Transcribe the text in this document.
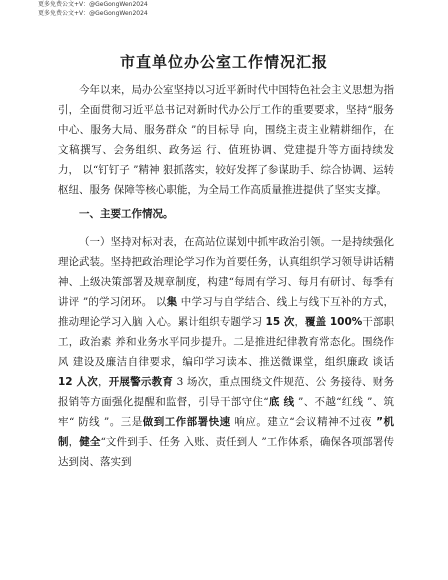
更多免费公文+V：@GeGongWen2024
更多免费公文+V：@GeGongWen2024
市直单位办公室工作情况汇报

今年以来，局办公室坚持以习近平新时代中国特色社会主义思想为指引，全面贯彻习近平总书记对新时代办公厅工作的重要要求，坚持“服务中心、服务大局、服务群众 ”的目标导 向，围绕主责主业精耕细作，在文稿撰写、会务组织、政务运 行、值班协调、党建提升等方面持续发力， 以“钉钉子 ”精神 狠抓落实，较好发挥了参谋助手、综合协调、运转枢纽、服务 保障等核心职能，为全局工作高质量推进提供了坚实支撑。

一、主要工作情况。

（一）坚持对标对表，在高站位谋划中抓牢政治引领。一是持续强化理论武装。坚持把政治理论学习作为首要任务，认真组织学习领导讲话精神、上级决策部署及规章制度，构建“每周有学习、每月有研讨、每季有讲评 ”的学习闭环。 以集 中学习与自学结合、线上与线下互补的方式，推动理论学习入脑 入心。累计组织专题学习 15 次，覆盖 100%干部职工，政治素 养和业务水平同步提升。二是推进纪律教育常态化。围绕作风 建设及廉洁自律要求，编印学习读本、推送微课堂，组织廉政 谈话 12 人次，开展警示教育 3 场次，重点围绕文件规范、公 务接待、财务报销等方面强化提醒和监督，引导干部守住“底 线 ”、不越“红线 ”、筑牢“ 防线 ”。三是做到工作部署快速 响应。建立“会议精神不过夜 ”机制，健全“文件到手、任务 入账、责任到人 ”工作体系，确保各项部署传达到岗、落实到
